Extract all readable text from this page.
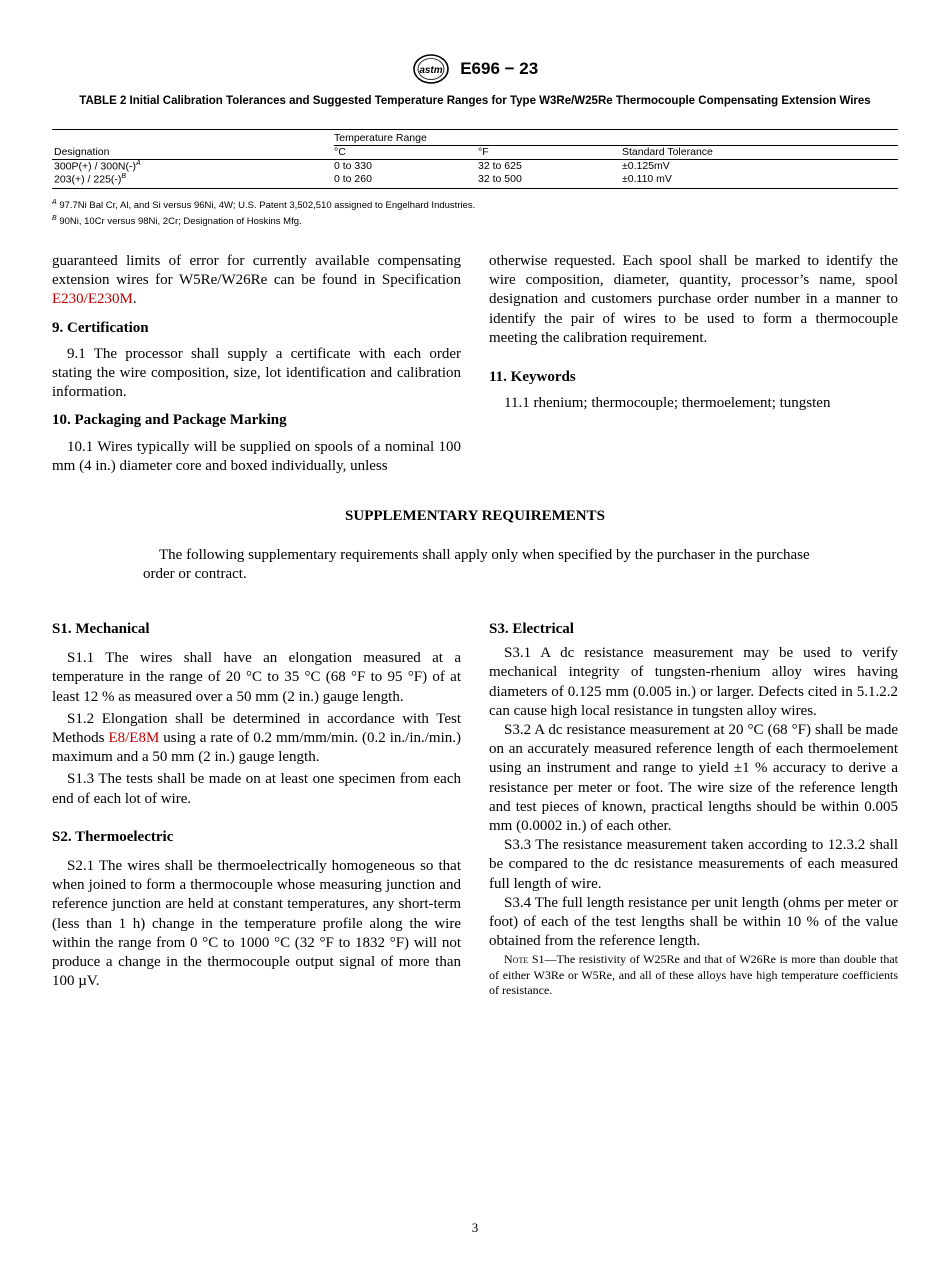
astm E696 − 23
TABLE 2 Initial Calibration Tolerances and Suggested Temperature Ranges for Type W3Re/W25Re Thermocouple Compensating Extension Wires
Temperature Range
Designation	°C	°F	Standard Tolerance
$300P(+) / 300N(-)^A$	0 to 330	32 to 625	±0.125mV
$203(+) / 225(-)^B$	0 to 260	32 to 500	±0.110 mV
$^A$ 97.7Ni Bal Cr, Al, and Si versus 96Ni, 4W; U.S. Patent 3,502,510 assigned to Engelhard Industries.
$^B$ 90Ni, 10Cr versus 98Ni, 2Cr; Designation of Hoskins Mfg.

guaranteed limits of error for currently available compensating extension wires for W5Re/W26Re can be found in Specification E230/E230M.

9. Certification

9.1 The processor shall supply a certificate with each order stating the wire composition, size, lot identification and calibration information.

10. Packaging and Package Marking

10.1 Wires typically will be supplied on spools of a nominal 100 mm (4 in.) diameter core and boxed individually, unless

otherwise requested. Each spool shall be marked to identify the wire composition, diameter, quantity, processor’s name, spool designation and customers purchase order number in a manner to identify the pair of wires to be used to form a thermocouple meeting the calibration requirement.

11. Keywords

11.1 rhenium; thermocouple; thermoelement; tungsten

SUPPLEMENTARY REQUIREMENTS
The following supplementary requirements shall apply only when specified by the purchaser in the purchase order or contract.
S1. Mechanical

S1.1 The wires shall have an elongation measured at a temperature in the range of 20 °C to 35 °C (68 °F to 95 °F) of at least 12 % as measured over a 50 mm (2 in.) gauge length.

S1.2 Elongation shall be determined in accordance with Test Methods E8/E8M using a rate of 0.2 mm/mm/min. (0.2 in./in./min.) maximum and a 50 mm (2 in.) gauge length.

S1.3 The tests shall be made on at least one specimen from each end of each lot of wire.

S2. Thermoelectric

S2.1 The wires shall be thermoelectrically homogeneous so that when joined to form a thermocouple whose measuring junction and reference junction are held at constant temperatures, any short-term (less than 1 h) change in the temperature profile along the wire within the range from 0 °C to 1000 °C (32 °F to 1832 °F) will not produce a change in the thermocouple output signal of more than 100 µV.

S3. Electrical

S3.1 A dc resistance measurement may be used to verify mechanical integrity of tungsten-rhenium alloy wires having diameters of 0.125 mm (0.005 in.) or larger. Defects cited in 5.1.2.2 can cause high local resistance in tungsten alloy wires.

S3.2 A dc resistance measurement at 20 °C (68 °F) shall be made on an accurately measured reference length of each thermoelement using an instrument and range to yield ±1 % accuracy to derive a resistance per meter or foot. The wire size of the reference length and test pieces of known, practical lengths should be within 0.005 mm (0.0002 in.) of each other.

S3.3 The resistance measurement taken according to 12.3.2 shall be compared to the dc resistance measurements of each measured full length of wire.

S3.4 The full length resistance per unit length (ohms per meter or foot) of each of the test lengths shall be within 10 % of the value obtained from the reference length.

Note S1—The resistivity of W25Re and that of W26Re is more than double that of either W3Re or W5Re, and all of these alloys have high temperature coefficients of resistance.

3
